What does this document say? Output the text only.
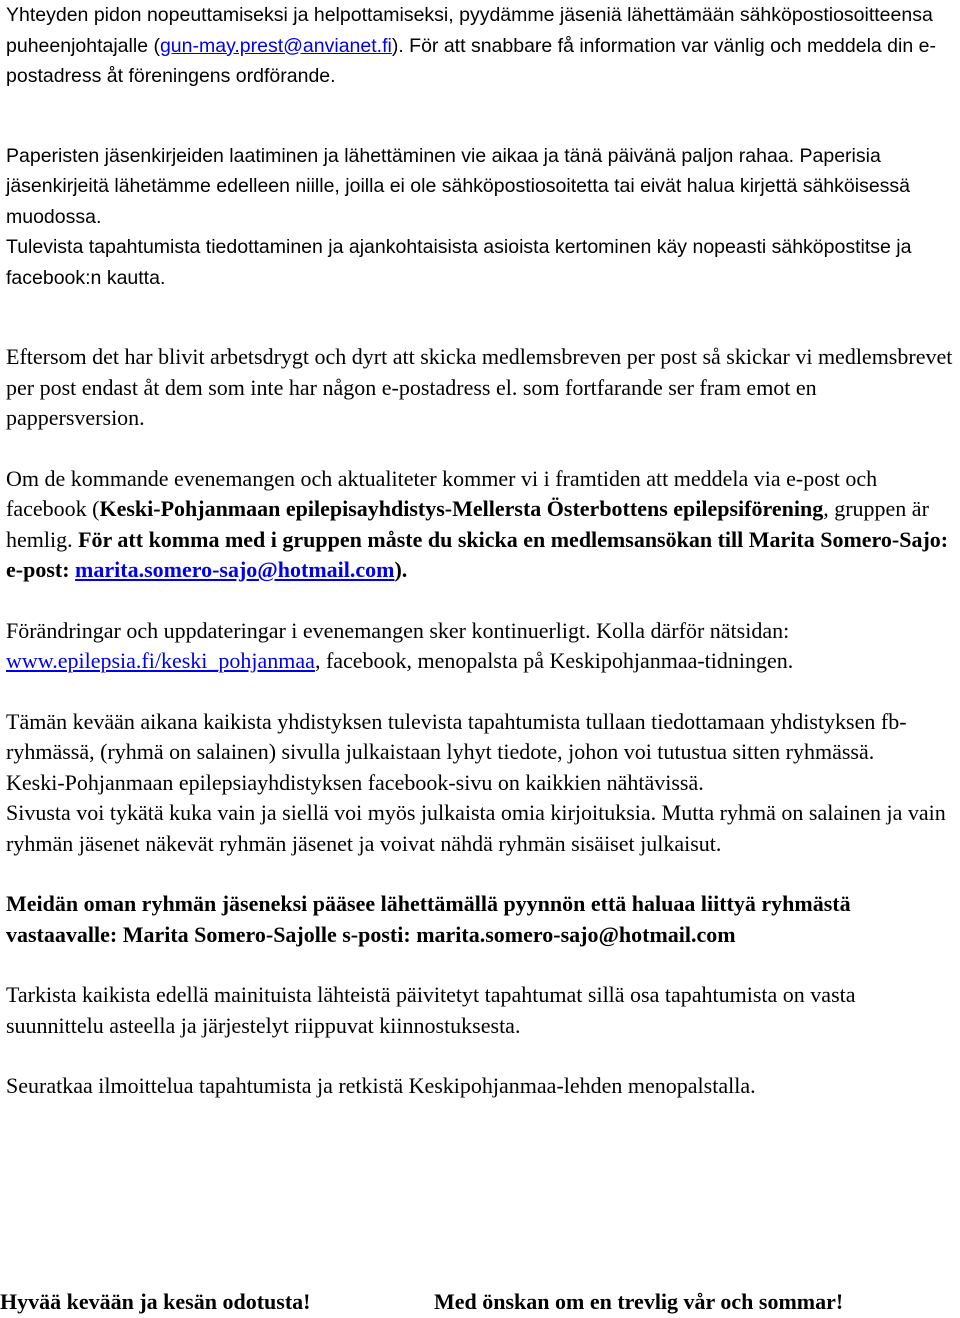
Yhteyden pidon nopeuttamiseksi ja helpottamiseksi, pyydämme jäseniä lähettämään sähköpostiosoitteensa puheenjohtajalle (gun-may.prest@anvianet.fi). För att snabbare få information var vänlig och meddela din e-postadress åt föreningens ordförande.

Paperisten jäsenkirjeiden laatiminen ja lähettäminen vie aikaa ja tänä päivänä paljon rahaa. Paperisia jäsenkirjeitä lähetämme edelleen niille, joilla ei ole sähköpostiosoitetta tai eivät halua kirjettä sähköisessä muodossa.

Tulevista tapahtumista tiedottaminen ja ajankohtaisista asioista kertominen käy nopeasti sähköpostitse ja facebook:n kautta.

Eftersom det har blivit arbetsdrygt och dyrt att skicka medlemsbreven per post så skickar vi medlemsbrevet per post endast åt dem som inte har någon e-postadress el. som fortfarande ser fram emot en pappersversion.

Om de kommande evenemangen och aktualiteter kommer vi i framtiden att meddela via e-post och facebook (Keski-Pohjanmaan epilepisayhdistys-Mellersta Österbottens epilepsiförening, gruppen är hemlig. För att komma med i gruppen måste du skicka en medlemsansökan till Marita Somero-Sajo: e-post: marita.somero-sajo@hotmail.com).

Förändringar och uppdateringar i evenemangen sker kontinuerligt. Kolla därför nätsidan: www.epilepsia.fi/keski_pohjanmaa, facebook, menopalsta på Keskipohjanmaa-tidningen.

Tämän kevään aikana kaikista yhdistyksen tulevista tapahtumista tullaan tiedottamaan yhdistyksen fb-ryhmässä, (ryhmä on salainen) sivulla julkaistaan lyhyt tiedote, johon voi tutustua sitten ryhmässä.

Keski-Pohjanmaan epilepsiayhdistyksen facebook-sivu on kaikkien nähtävissä.

Sivusta voi tykätä kuka vain ja siellä voi myös julkaista omia kirjoituksia. Mutta ryhmä on salainen ja vain ryhmän jäsenet näkevät ryhmän jäsenet ja voivat nähdä ryhmän sisäiset julkaisut.

Meidän oman ryhmän jäseneksi pääsee lähettämällä pyynnön että haluaa liittyä ryhmästä vastaavalle: Marita Somero-Sajolle s-posti: marita.somero-sajo@hotmail.com

Tarkista kaikista edellä mainituista lähteistä päivitetyt tapahtumat sillä osa tapahtumista on vasta suunnittelu asteella ja järjestelyt riippuvat kiinnostuksesta.

Seuratkaa ilmoittelua tapahtumista ja retkistä Keskipohjanmaa-lehden menopalstalla.

Hyvää kevään ja kesän odotusta!	Med önskan om en trevlig vår och sommar!
